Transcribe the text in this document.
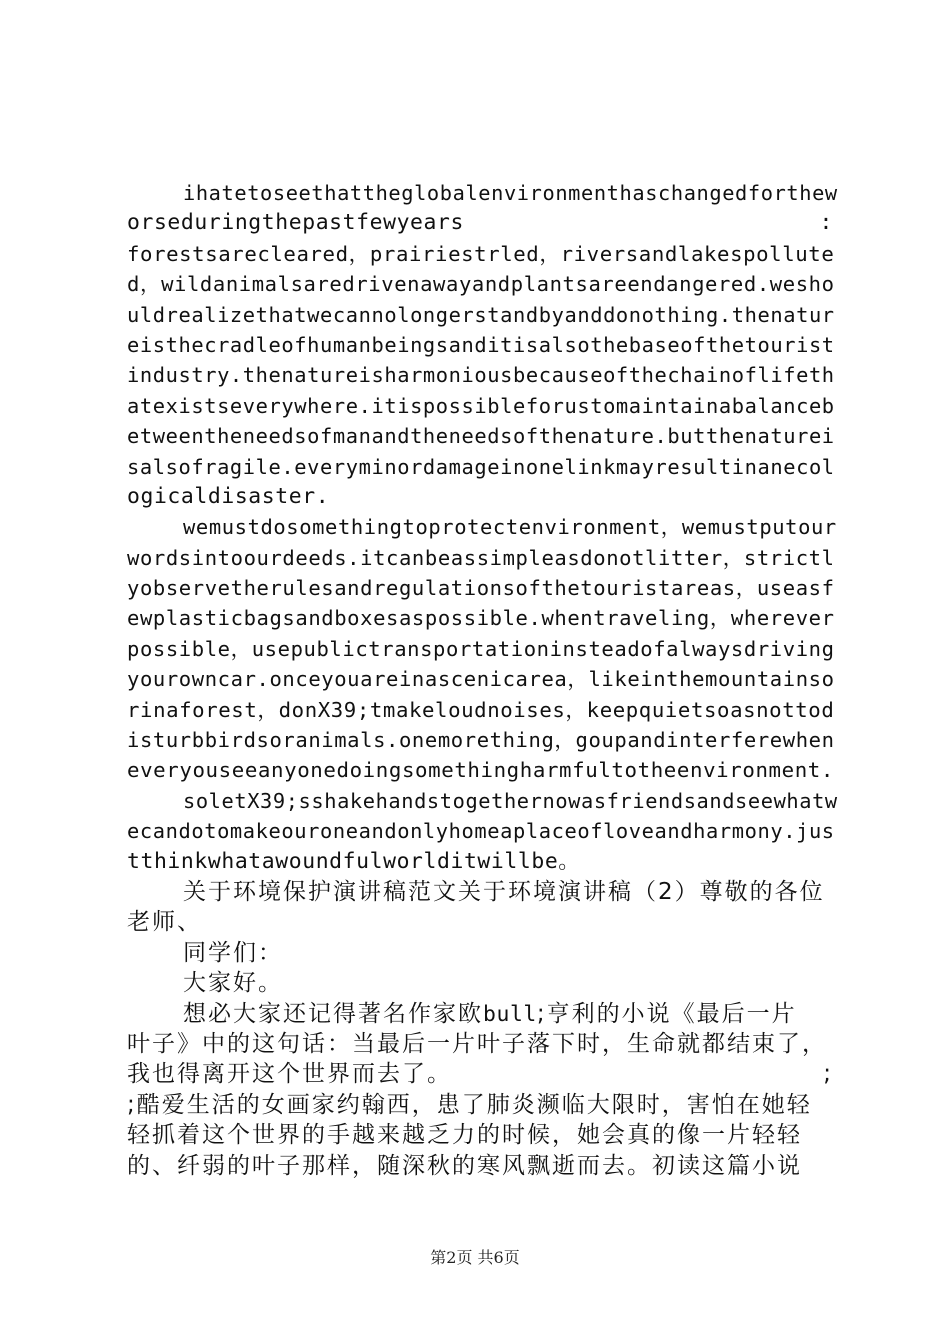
ihatetoseethattheglobalenvironmenthaschangedforthew
orseduringthepastfewyears	:
forestsarecleared，prairiestrled，riversandlakespollute
d，wildanimalsaredrivenawayandplantsareendangered.wesho
uldrealizethatwecannolongerstandbyanddonothing.thenatur
eisthecradleofhumanbeingsanditisalsothebaseofthetourist
industry.thenatureisharmoniousbecauseofthechainoflifeth
atexistseverywhere.itispossibleforustomaintainabalanceb
etweentheneedsofmanandtheneedsofthenature.butthenaturei
salsofragile.everyminordamageinonelinkmayresultinanecol
ogicaldisaster.
wemustdosomethingtoprotectenvironment，wemustputour
wordsintoourdeeds.itcanbeassimpleasdonotlitter，strictl
yobservetherulesandregulationsofthetouristareas，useasf
ewplasticbagsandboxesaspossible.whentraveling，wherever
possible，usepublictransportationinsteadofalwaysdriving
yourowncar.onceyouareinascenicarea，likeinthemountainso
rinaforest，donX39;tmakeloudnoises，keepquietsoasnottod
isturbbirdsoranimals.onemorething，goupandinterferewhen
everyouseeanyonedoingsomethingharmfultotheenvironment.
soletX39;sshakehandstogethernowasfriendsandseewhatw
ecandotomakeouroneandonlyhomeaplaceofloveandharmony.jus
tthinkwhatawoundfulworlditwillbe。
关于环境保护演讲稿范文关于环境演讲稿（2）尊敬的各位
老师、
同学们：
大家好。
想必大家还记得著名作家欧bull;亨利的小说《最后一片
叶子》中的这句话：当最后一片叶子落下时，生命就都结束了，
我也得离开这个世界而去了。	;
;酷爱生活的女画家约翰西，患了肺炎濒临大限时，害怕在她轻
轻抓着这个世界的手越来越乏力的时候，她会真的像一片轻轻
的、纤弱的叶子那样，随深秋的寒风飘逝而去。初读这篇小说
第2页 共6页
